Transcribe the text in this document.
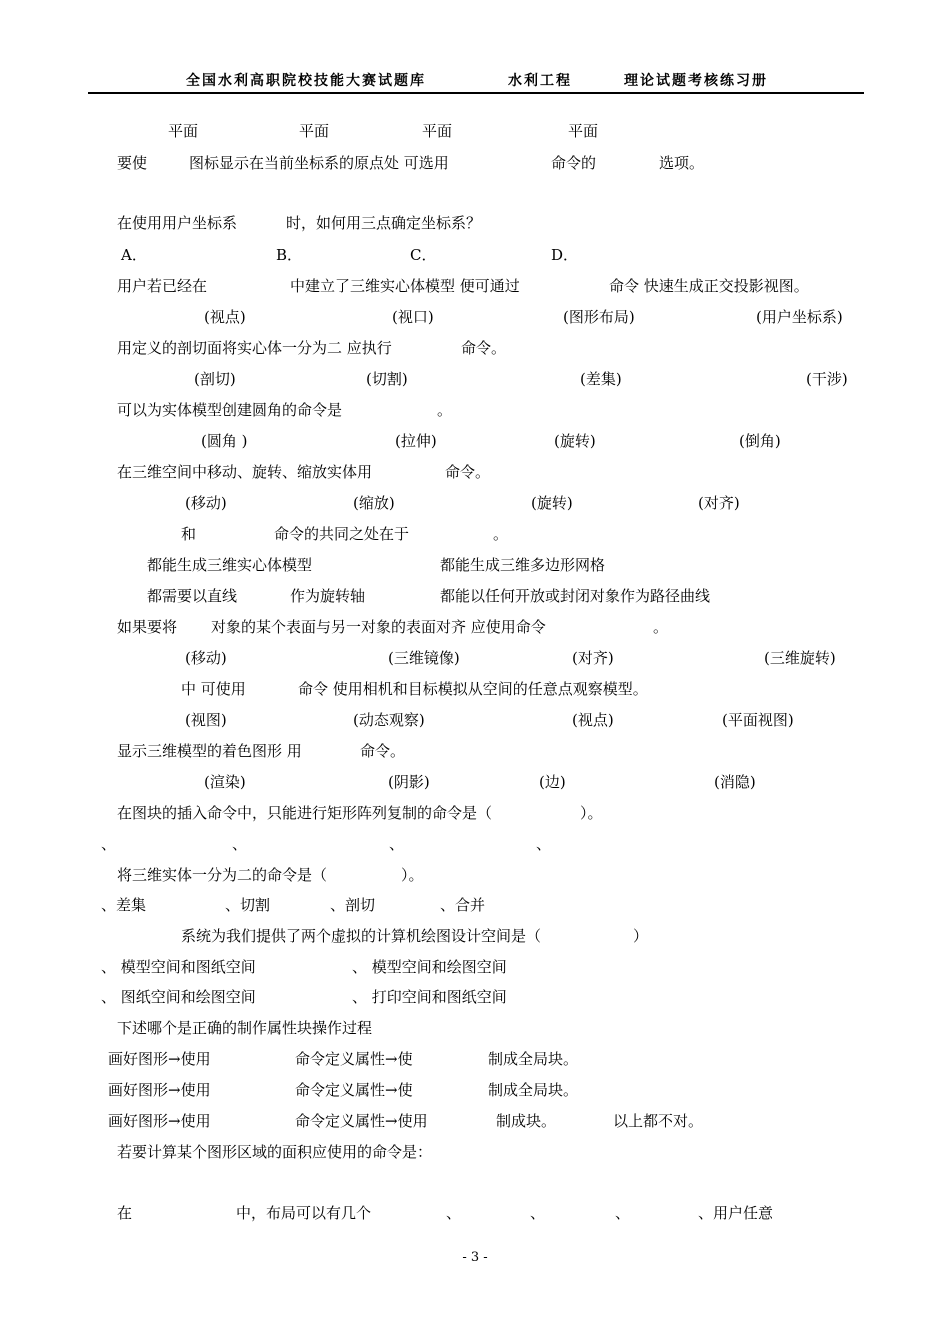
全国水利高职院校技能大赛试题库	水利工程	理论试题考核练习册
平面	平面	平面	平面
要使	图标显示在当前坐标系的原点处 可选用	命令的	选项。
在使用用户坐标系	时，如何用三点确定坐标系？
A．	B．	C．	D．
用户若已经在	中建立了三维实心体模型 便可通过	命令 快速生成正交投影视图。
(视点)	(视口)	(图形布局)	(用户坐标系)
用定义的剖切面将实心体一分为二 应执行	命令。
(剖切)	(切割)	(差集)	(干涉)
可以为实体模型创建圆角的命令是	。
(圆角 )	(拉伸)	(旋转)	(倒角)
在三维空间中移动、旋转、缩放实体用	命令。
(移动)	(缩放)	(旋转)	(对齐)
和	命令的共同之处在于	。
都能生成三维实心体模型	都能生成三维多边形网格
都需要以直线	作为旋转轴	都能以任何开放或封闭对象作为路径曲线
如果要将 对象的某个表面与另一对象的表面对齐 应使用命令	。
(移动)	(三维镜像)	(对齐)	(三维旋转)
中 可使用	命令 使用相机和目标模拟从空间的任意点观察模型。
(视图)	(动态观察)	(视点)	(平面视图)
显示三维模型的着色图形 用	命令。
(渲染)	(阴影)	(边)	(消隐)
在图块的插入命令中，只能进行矩形阵列复制的命令是（	）。
、	、	、	、
将三维实体一分为二的命令是（	）。
、差集	、切割	、剖切	、合并
系统为我们提供了两个虚拟的计算机绘图设计空间是（	）
、 模型空间和图纸空间	、 模型空间和绘图空间
、 图纸空间和绘图空间	、 打印空间和图纸空间
下述哪个是正确的制作属性块操作过程
画好图形→使用	命令定义属性→使	制成全局块。
画好图形→使用	命令定义属性→使	制成全局块。
画好图形→使用	命令定义属性→使用	制成块。	以上都不对。
若要计算某个图形区域的面积应使用的命令是：
在	中，布局可以有几个	、	、	、	、用户任意
- 3 -
